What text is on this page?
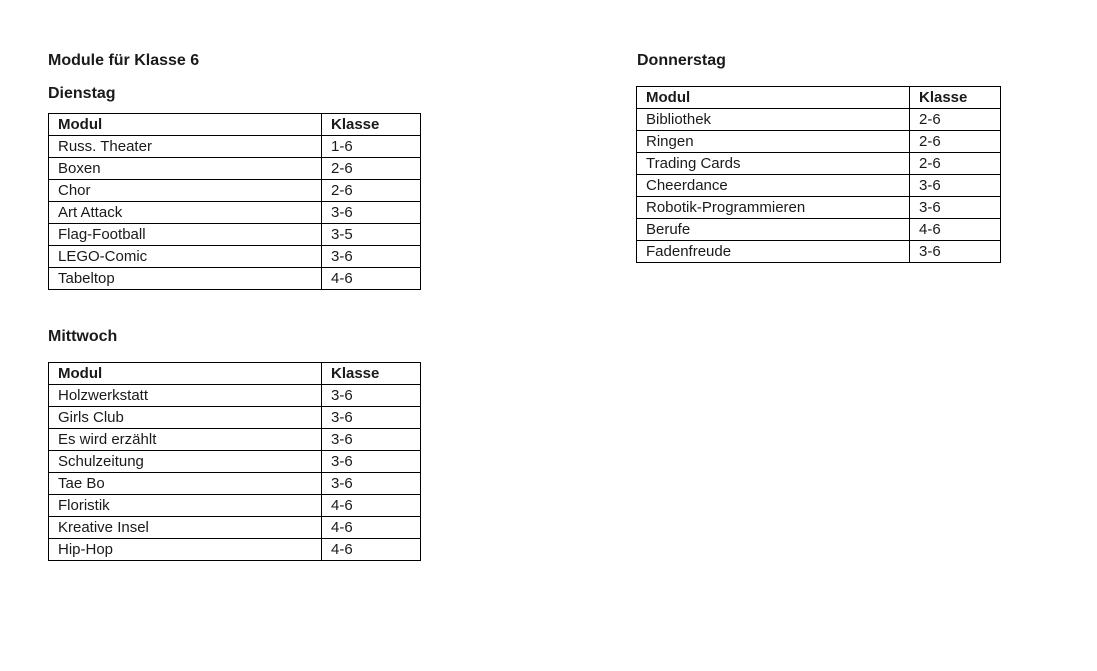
Module für Klasse 6
Dienstag
Modul	Klasse
Russ. Theater	1-6
Boxen	2-6
Chor	2-6
Art Attack	3-6
Flag-Football	3-5
LEGO-Comic	3-6
Tabeltop	4-6
Mittwoch
Modul	Klasse
Holzwerkstatt	3-6
Girls Club	3-6
Es wird erzählt	3-6
Schulzeitung	3-6
Tae Bo	3-6
Floristik	4-6
Kreative Insel	4-6
Hip-Hop	4-6
Donnerstag
Modul	Klasse
Bibliothek	2-6
Ringen	2-6
Trading Cards	2-6
Cheerdance	3-6
Robotik-Programmieren	3-6
Berufe	4-6
Fadenfreude	3-6
